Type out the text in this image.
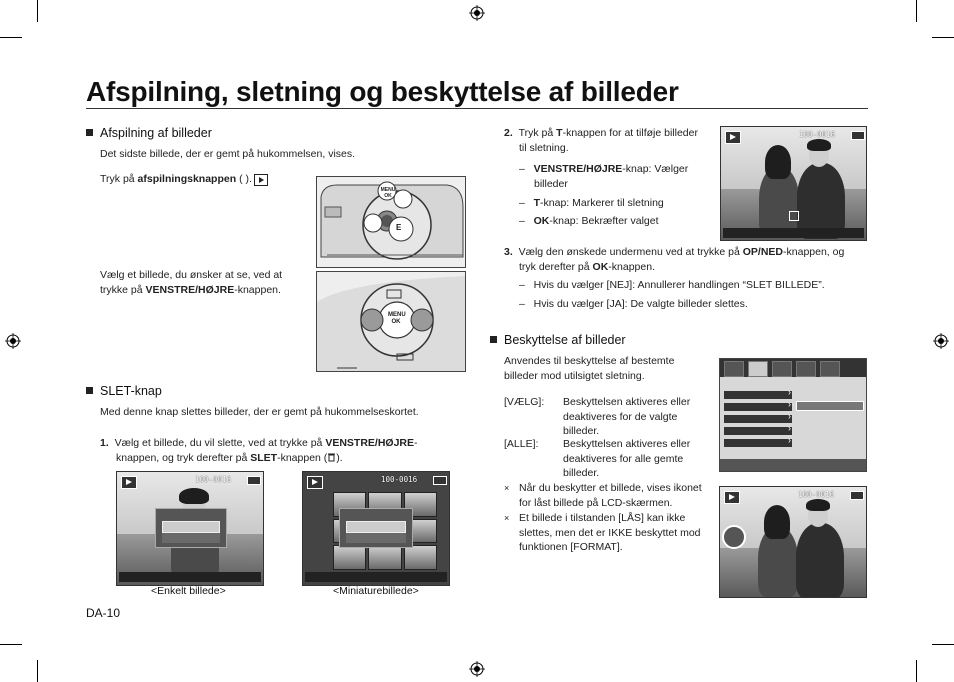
Afspilning, sletning og beskyttelse af billeder
Afspilning af billeder
Det sidste billede, der er gemt på hukommelsen, vises.
Tryk på afspilningsknappen ( ).
MENU OK
E
Vælg et billede, du ønsker at se, ved at
trykke på VENSTRE/HØJRE-knappen.
MENU OK
SLET-knap
Med denne knap slettes billeder, der er gemt på hukommelseskortet.
1. Vælg et billede, du vil slette, ved at trykke på VENSTRE/HØJRE-
knappen, og tryk derefter på SLET-knappen ( ).
100-0016
<Enkelt billede>
100-0016
<Miniaturebillede>
DA-10
2. Tryk på T-knappen for at tilføje billeder
til sletning.
– VENSTRE/HØJRE-knap: Vælger
billeder
– T-knap: Markerer til sletning
– OK-knap: Bekræfter valget
100-0016
3. Vælg den ønskede undermenu ved at trykke på OP/NED-knappen, og
tryk derefter på OK-knappen.
– Hvis du vælger [NEJ]: Annullerer handlingen “SLET BILLEDE”.
– Hvis du vælger [JA]: De valgte billeder slettes.
Beskyttelse af billeder
Anvendes til beskyttelse af bestemte
billeder mod utilsigtet sletning.
[VÆLG]: Beskyttelsen aktiveres eller
deaktiveres for de valgte
billeder.
[ALLE]: Beskyttelsen aktiveres eller
deaktiveres for alle gemte
billeder.
× Når du beskytter et billede, vises ikonet
for låst billede på LCD-skærmen.
× Et billede i tilstanden [LÅS] kan ikke
slettes, men det er IKKE beskyttet mod
funktionen [FORMAT].
›
›
›
›
›
100-0016
